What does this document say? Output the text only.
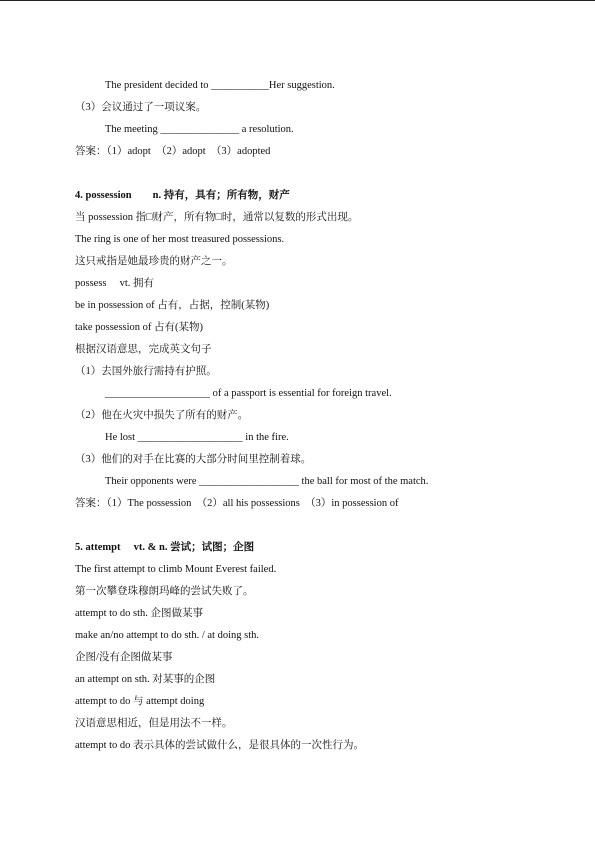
The president decided to ___________Her suggestion.
（3）会议通过了一项议案。
The meeting _______________ a resolution.
答案：（1）adopt　（2）adopt　（3）adopted
4. possession　　n. 持有，具有；所有物，财产
当 possession 指□财产，所有物□时，通常以复数的形式出现。
The ring is one of her most treasured possessions.
这只戒指是她最珍贵的财产之一。
possess　 vt. 拥有
be in possession of 占有，占据，控制(某物)
take possession of 占有(某物)
根据汉语意思，完成英文句子
（1）去国外旅行需持有护照。
____________________ of a passport is essential for foreign travel.
（2）他在火灾中损失了所有的财产。
He lost ____________________ in the fire.
（3）他们的对手在比赛的大部分时间里控制着球。
Their opponents were ___________________ the ball for most of the match.
答案：（1）The possession　（2）all his possessions　（3）in possession of
5. attempt　 vt. & n. 尝试；试图；企图
The first attempt to climb Mount Everest failed.
第一次攀登珠穆朗玛峰的尝试失败了。
attempt to do sth. 企图做某事
make an/no attempt to do sth. / at doing sth.
企图/没有企图做某事
an attempt on sth. 对某事的企图
attempt to do 与 attempt doing
汉语意思相近，但是用法不一样。
attempt to do 表示具体的尝试做什么，是很具体的一次性行为。
